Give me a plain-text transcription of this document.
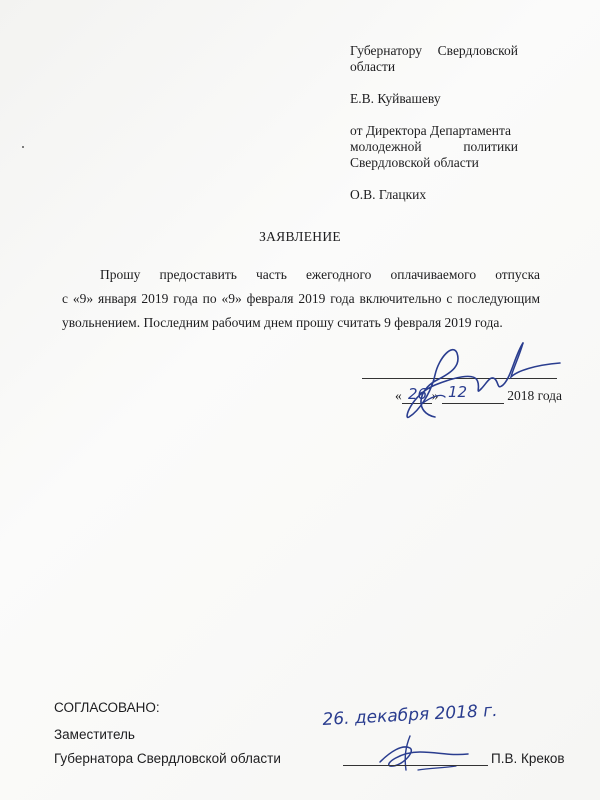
Губернатору Свердловской
области
Е.В. Куйвашеву
от Директора Департамента
молодежной	политики
Свердловской области
О.В. Глацких
ЗАЯВЛЕНИЕ
Прошу предоставить часть ежегодного оплачиваемого отпуска
с «9» января 2019 года по «9» февраля 2019 года включительно с последующим
увольнением. Последним рабочим днем прошу считать 9 февраля 2019 года.
« »	2018 года
26 12
СОГЛАСОВАНО:
Заместитель
Губернатора Свердловской области
26. декабря 2018 г.
П.В. Креков
